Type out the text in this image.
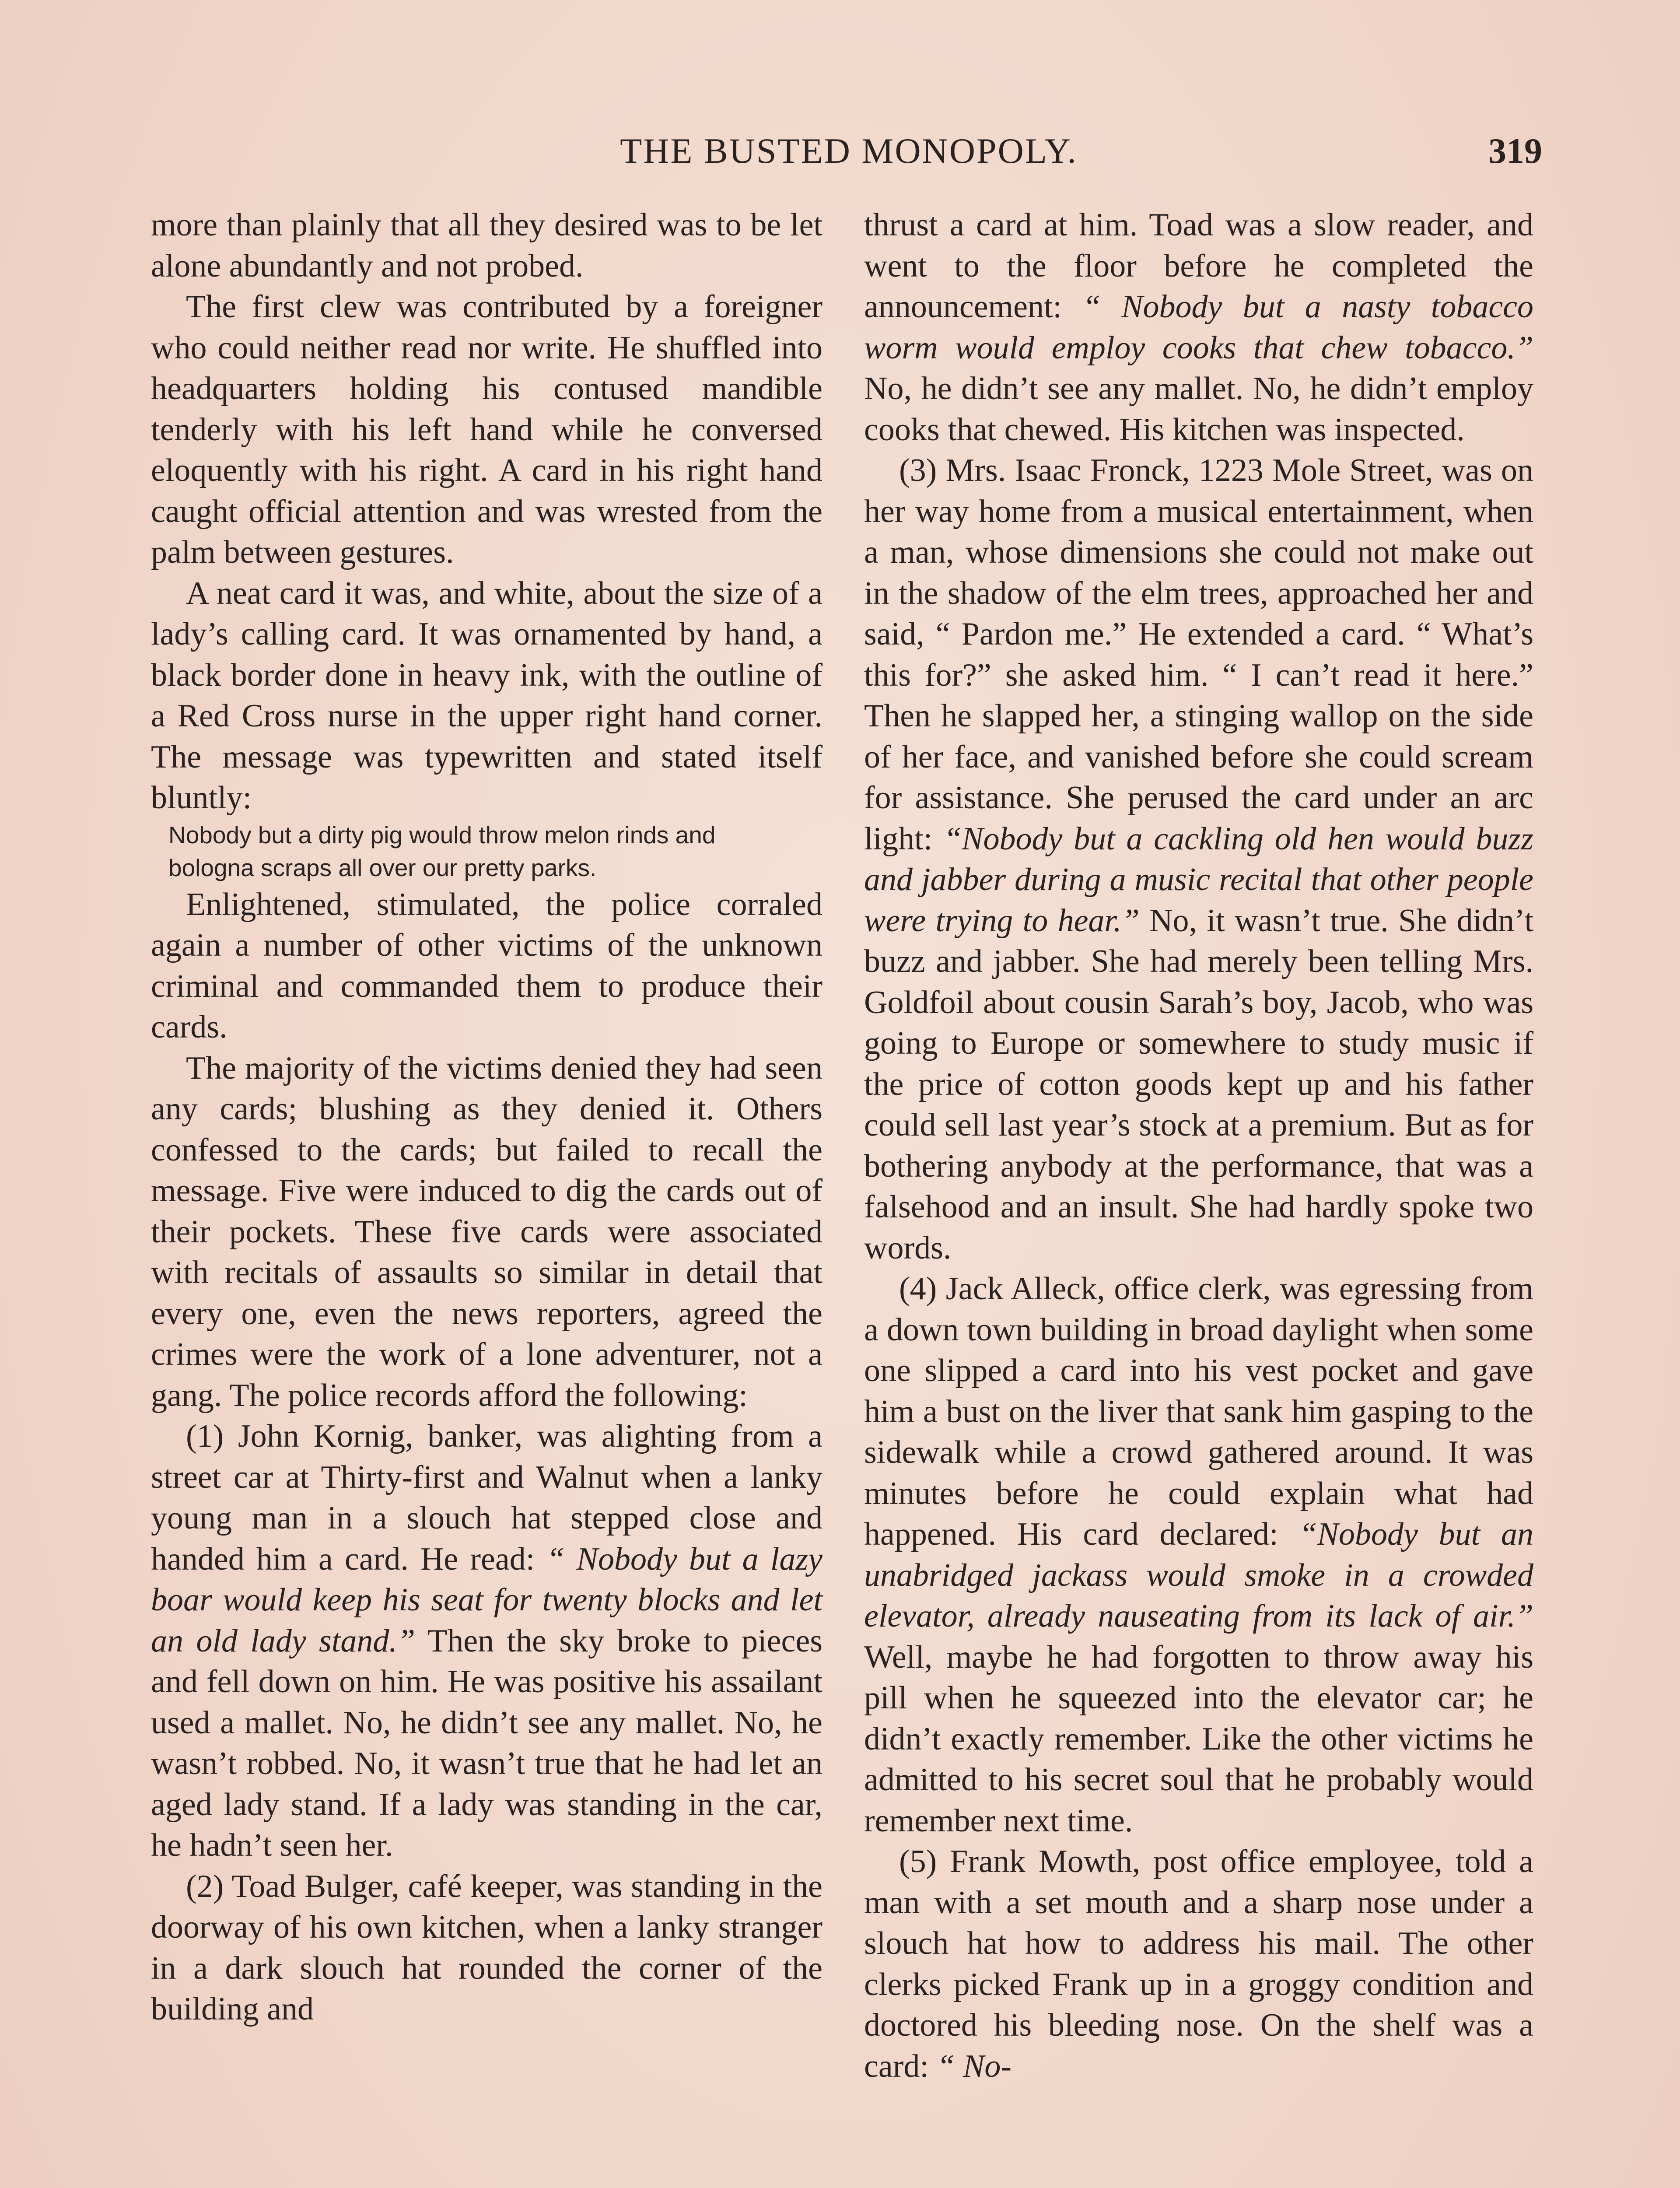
THE BUSTED MONOPOLY.	319

more than plainly that all they desired was to be let alone abundantly and not probed.

The first clew was contributed by a foreigner who could neither read nor write. He shuffled into headquarters holding his contused mandible tenderly with his left hand while he conversed eloquently with his right. A card in his right hand caught official attention and was wrested from the palm between gestures.

A neat card it was, and white, about the size of a lady’s calling card. It was ornamented by hand, a black border done in heavy ink, with the outline of a Red Cross nurse in the upper right hand corner. The message was typewritten and stated itself bluntly:

Nobody but a dirty pig would throw melon rinds and bologna scraps all over our pretty parks.

Enlightened, stimulated, the police corraled again a number of other victims of the unknown criminal and commanded them to produce their cards.

The majority of the victims denied they had seen any cards; blushing as they denied it. Others confessed to the cards; but failed to recall the message. Five were induced to dig the cards out of their pockets. These five cards were associated with recitals of assaults so similar in detail that every one, even the news reporters, agreed the crimes were the work of a lone adventurer, not a gang. The police records afford the following:

(1) John Kornig, banker, was alighting from a street car at Thirty-first and Walnut when a lanky young man in a slouch hat stepped close and handed him a card. He read: “ Nobody but a lazy boar would keep his seat for twenty blocks and let an old lady stand.” Then the sky broke to pieces and fell down on him. He was positive his assailant used a mallet. No, he didn’t see any mallet. No, he wasn’t robbed. No, it wasn’t true that he had let an aged lady stand. If a lady was standing in the car, he hadn’t seen her.

(2) Toad Bulger, café keeper, was standing in the doorway of his own kitchen, when a lanky stranger in a dark slouch hat rounded the corner of the building and

thrust a card at him. Toad was a slow reader, and went to the floor before he completed the announcement: “ Nobody but a nasty tobacco worm would employ cooks that chew tobacco.” No, he didn’t see any mallet. No, he didn’t employ cooks that chewed. His kitchen was inspected.

(3) Mrs. Isaac Fronck, 1223 Mole Street, was on her way home from a musical entertainment, when a man, whose dimensions she could not make out in the shadow of the elm trees, approached her and said, “ Pardon me.” He extended a card. “ What’s this for?” she asked him. “ I can’t read it here.” Then he slapped her, a stinging wallop on the side of her face, and vanished before she could scream for assistance. She perused the card under an arc light: “Nobody but a cackling old hen would buzz and jabber during a music recital that other people were trying to hear.” No, it wasn’t true. She didn’t buzz and jabber. She had merely been telling Mrs. Goldfoil about cousin Sarah’s boy, Jacob, who was going to Europe or somewhere to study music if the price of cotton goods kept up and his father could sell last year’s stock at a premium. But as for bothering anybody at the performance, that was a falsehood and an insult. She had hardly spoke two words.

(4) Jack Alleck, office clerk, was egressing from a down town building in broad daylight when some one slipped a card into his vest pocket and gave him a bust on the liver that sank him gasping to the sidewalk while a crowd gathered around. It was minutes before he could explain what had happened. His card declared: “Nobody but an unabridged jackass would smoke in a crowded elevator, already nauseating from its lack of air.” Well, maybe he had forgotten to throw away his pill when he squeezed into the elevator car; he didn’t exactly remember. Like the other victims he admitted to his secret soul that he probably would remember next time.

(5) Frank Mowth, post office employee, told a man with a set mouth and a sharp nose under a slouch hat how to address his mail. The other clerks picked Frank up in a groggy condition and doctored his bleeding nose. On the shelf was a card: “ No-
